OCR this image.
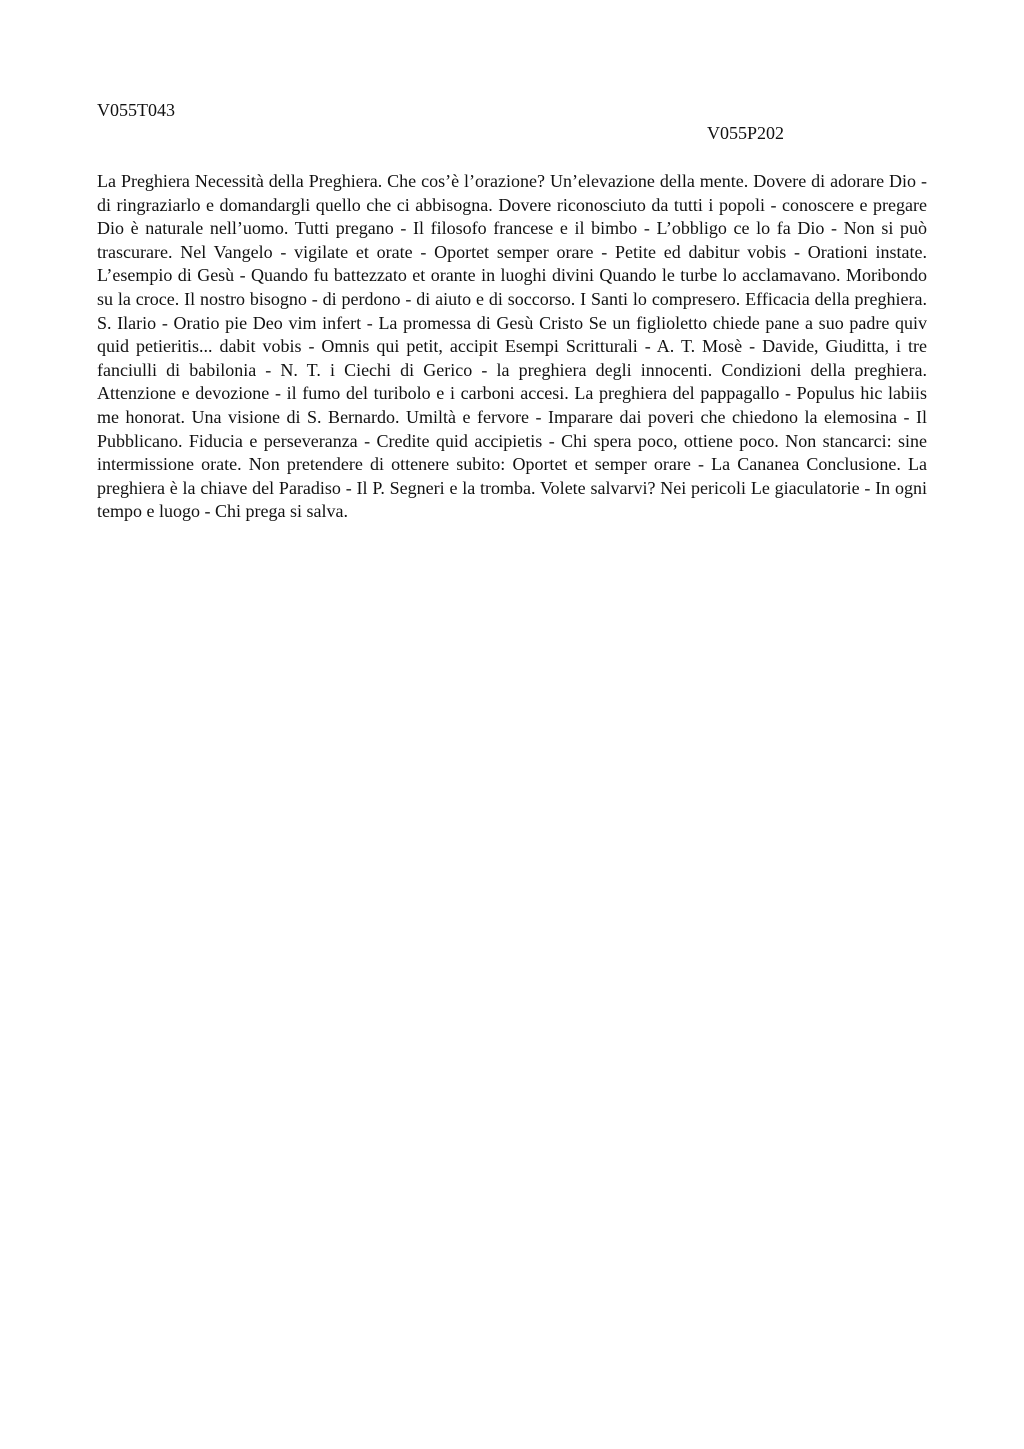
V055T043

V055P202

La Preghiera Necessità della Preghiera. Che cos’è l’orazione? Un’elevazione della mente. Dovere di adorare Dio - di ringraziarlo e domandargli quello che ci abbisogna. Dovere riconosciuto da tutti i popoli - conoscere e pregare Dio è naturale nell’uomo. Tutti pregano - Il filosofo francese e il bimbo - L’obbligo ce lo fa Dio - Non si può trascurare. Nel Vangelo - vigilate et orate - Oportet semper orare - Petite ed dabitur vobis - Orationi instate. L’esempio di Gesù - Quando fu battezzato et orante in luoghi divini Quando le turbe lo acclamavano. Moribondo su la croce. Il nostro bisogno - di perdono - di aiuto e di soccorso. I Santi lo compresero. Efficacia della preghiera. S. Ilario - Oratio pie Deo vim infert - La promessa di Gesù Cristo Se un figlioletto chiede pane a suo padre quiv quid petieritis... dabit vobis - Omnis qui petit, accipit Esempi Scritturali - A. T. Mosè - Davide, Giuditta, i tre fanciulli di babilonia - N. T. i Ciechi di Gerico - la preghiera degli innocenti. Condizioni della preghiera. Attenzione e devozione - il fumo del turibolo e i carboni accesi. La preghiera del pappagallo - Populus hic labiis me honorat. Una visione di S. Bernardo. Umiltà e fervore - Imparare dai poveri che chiedono la elemosina - Il Pubblicano. Fiducia e perseveranza - Credite quid accipietis - Chi spera poco, ottiene poco. Non stancarci: sine intermissione orate. Non pretendere di ottenere subito: Oportet et semper orare - La Cananea Conclusione. La preghiera è la chiave del Paradiso - Il P. Segneri e la tromba. Volete salvarvi? Nei pericoli Le giaculatorie - In ogni tempo e luogo - Chi prega si salva.
